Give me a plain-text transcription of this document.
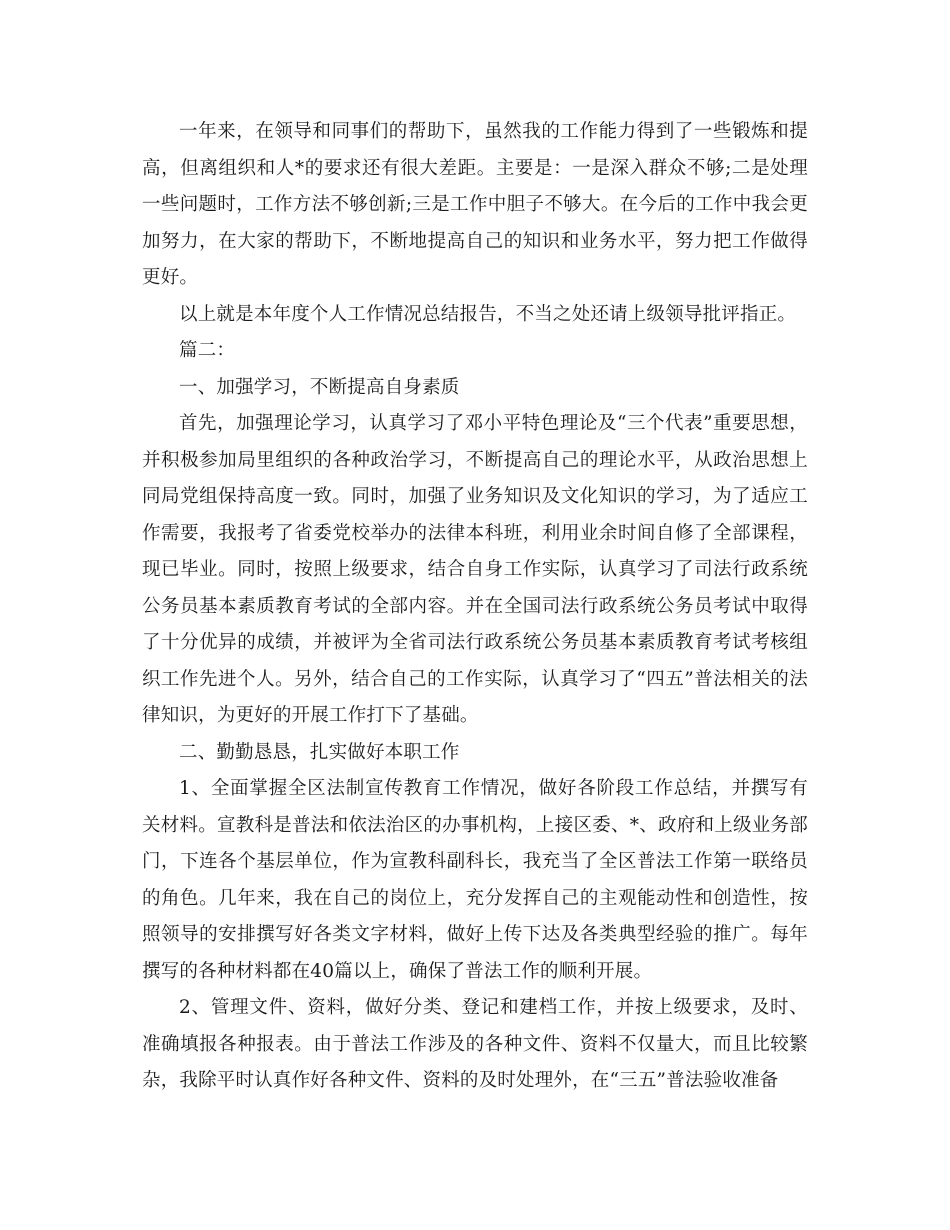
一年来，在领导和同事们的帮助下，虽然我的工作能力得到了一些锻炼和提高，但离组织和人*的要求还有很大差距。主要是：一是深入群众不够;二是处理一些问题时，工作方法不够创新;三是工作中胆子不够大。在今后的工作中我会更加努力，在大家的帮助下，不断地提高自己的知识和业务水平，努力把工作做得更好。

以上就是本年度个人工作情况总结报告，不当之处还请上级领导批评指正。

篇二：

一、加强学习，不断提高自身素质

首先，加强理论学习，认真学习了邓小平特色理论及“三个代表”重要思想，并积极参加局里组织的各种政治学习，不断提高自己的理论水平，从政治思想上同局党组保持高度一致。同时，加强了业务知识及文化知识的学习，为了适应工作需要，我报考了省委党校举办的法律本科班，利用业余时间自修了全部课程，现已毕业。同时，按照上级要求，结合自身工作实际，认真学习了司法行政系统公务员基本素质教育考试的全部内容。并在全国司法行政系统公务员考试中取得了十分优异的成绩，并被评为全省司法行政系统公务员基本素质教育考试考核组织工作先进个人。另外，结合自己的工作实际，认真学习了“四五”普法相关的法律知识，为更好的开展工作打下了基础。

二、勤勤恳恳，扎实做好本职工作

1、全面掌握全区法制宣传教育工作情况，做好各阶段工作总结，并撰写有关材料。宣教科是普法和依法治区的办事机构，上接区委、*、政府和上级业务部门，下连各个基层单位，作为宣教科副科长，我充当了全区普法工作第一联络员的角色。几年来，我在自己的岗位上，充分发挥自己的主观能动性和创造性，按照领导的安排撰写好各类文字材料，做好上传下达及各类典型经验的推广。每年撰写的各种材料都在40篇以上，确保了普法工作的顺利开展。

2、管理文件、资料，做好分类、登记和建档工作，并按上级要求，及时、准确填报各种报表。由于普法工作涉及的各种文件、资料不仅量大，而且比较繁杂，我除平时认真作好各种文件、资料的及时处理外，在“三五”普法验收准备
